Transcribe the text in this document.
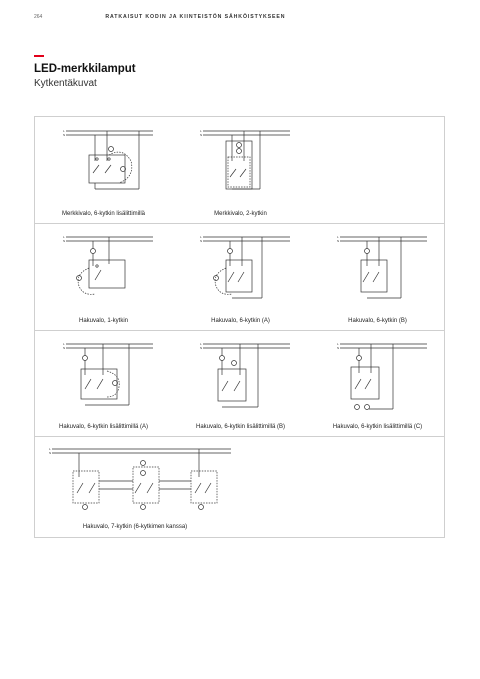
264	RATKAISUT KODIN JA KIINTEISTÖN SÄHKÖISTYKSEEN
LED-merkkilamput
Kytkentäkuvat
L
N
Merkkivalo, 6-kytkin lisälittimillä
L
N
Merkkivalo, 2-kytkin
L
N
Hakuvalo, 1-kytkin
L
N
Hakuvalo, 6-kytkin (A)
L
N
Hakuvalo, 6-kytkin (B)
L
N
Hakuvalo, 6-kytkin lisälittimillä (A)
L
N
Hakuvalo, 6-kytkin lisälittimillä (B)
L
N
Hakuvalo, 6-kytkin lisälittimillä (C)
L
N
Hakuvalo, 7-kytkin (6-kytkimen kanssa)
